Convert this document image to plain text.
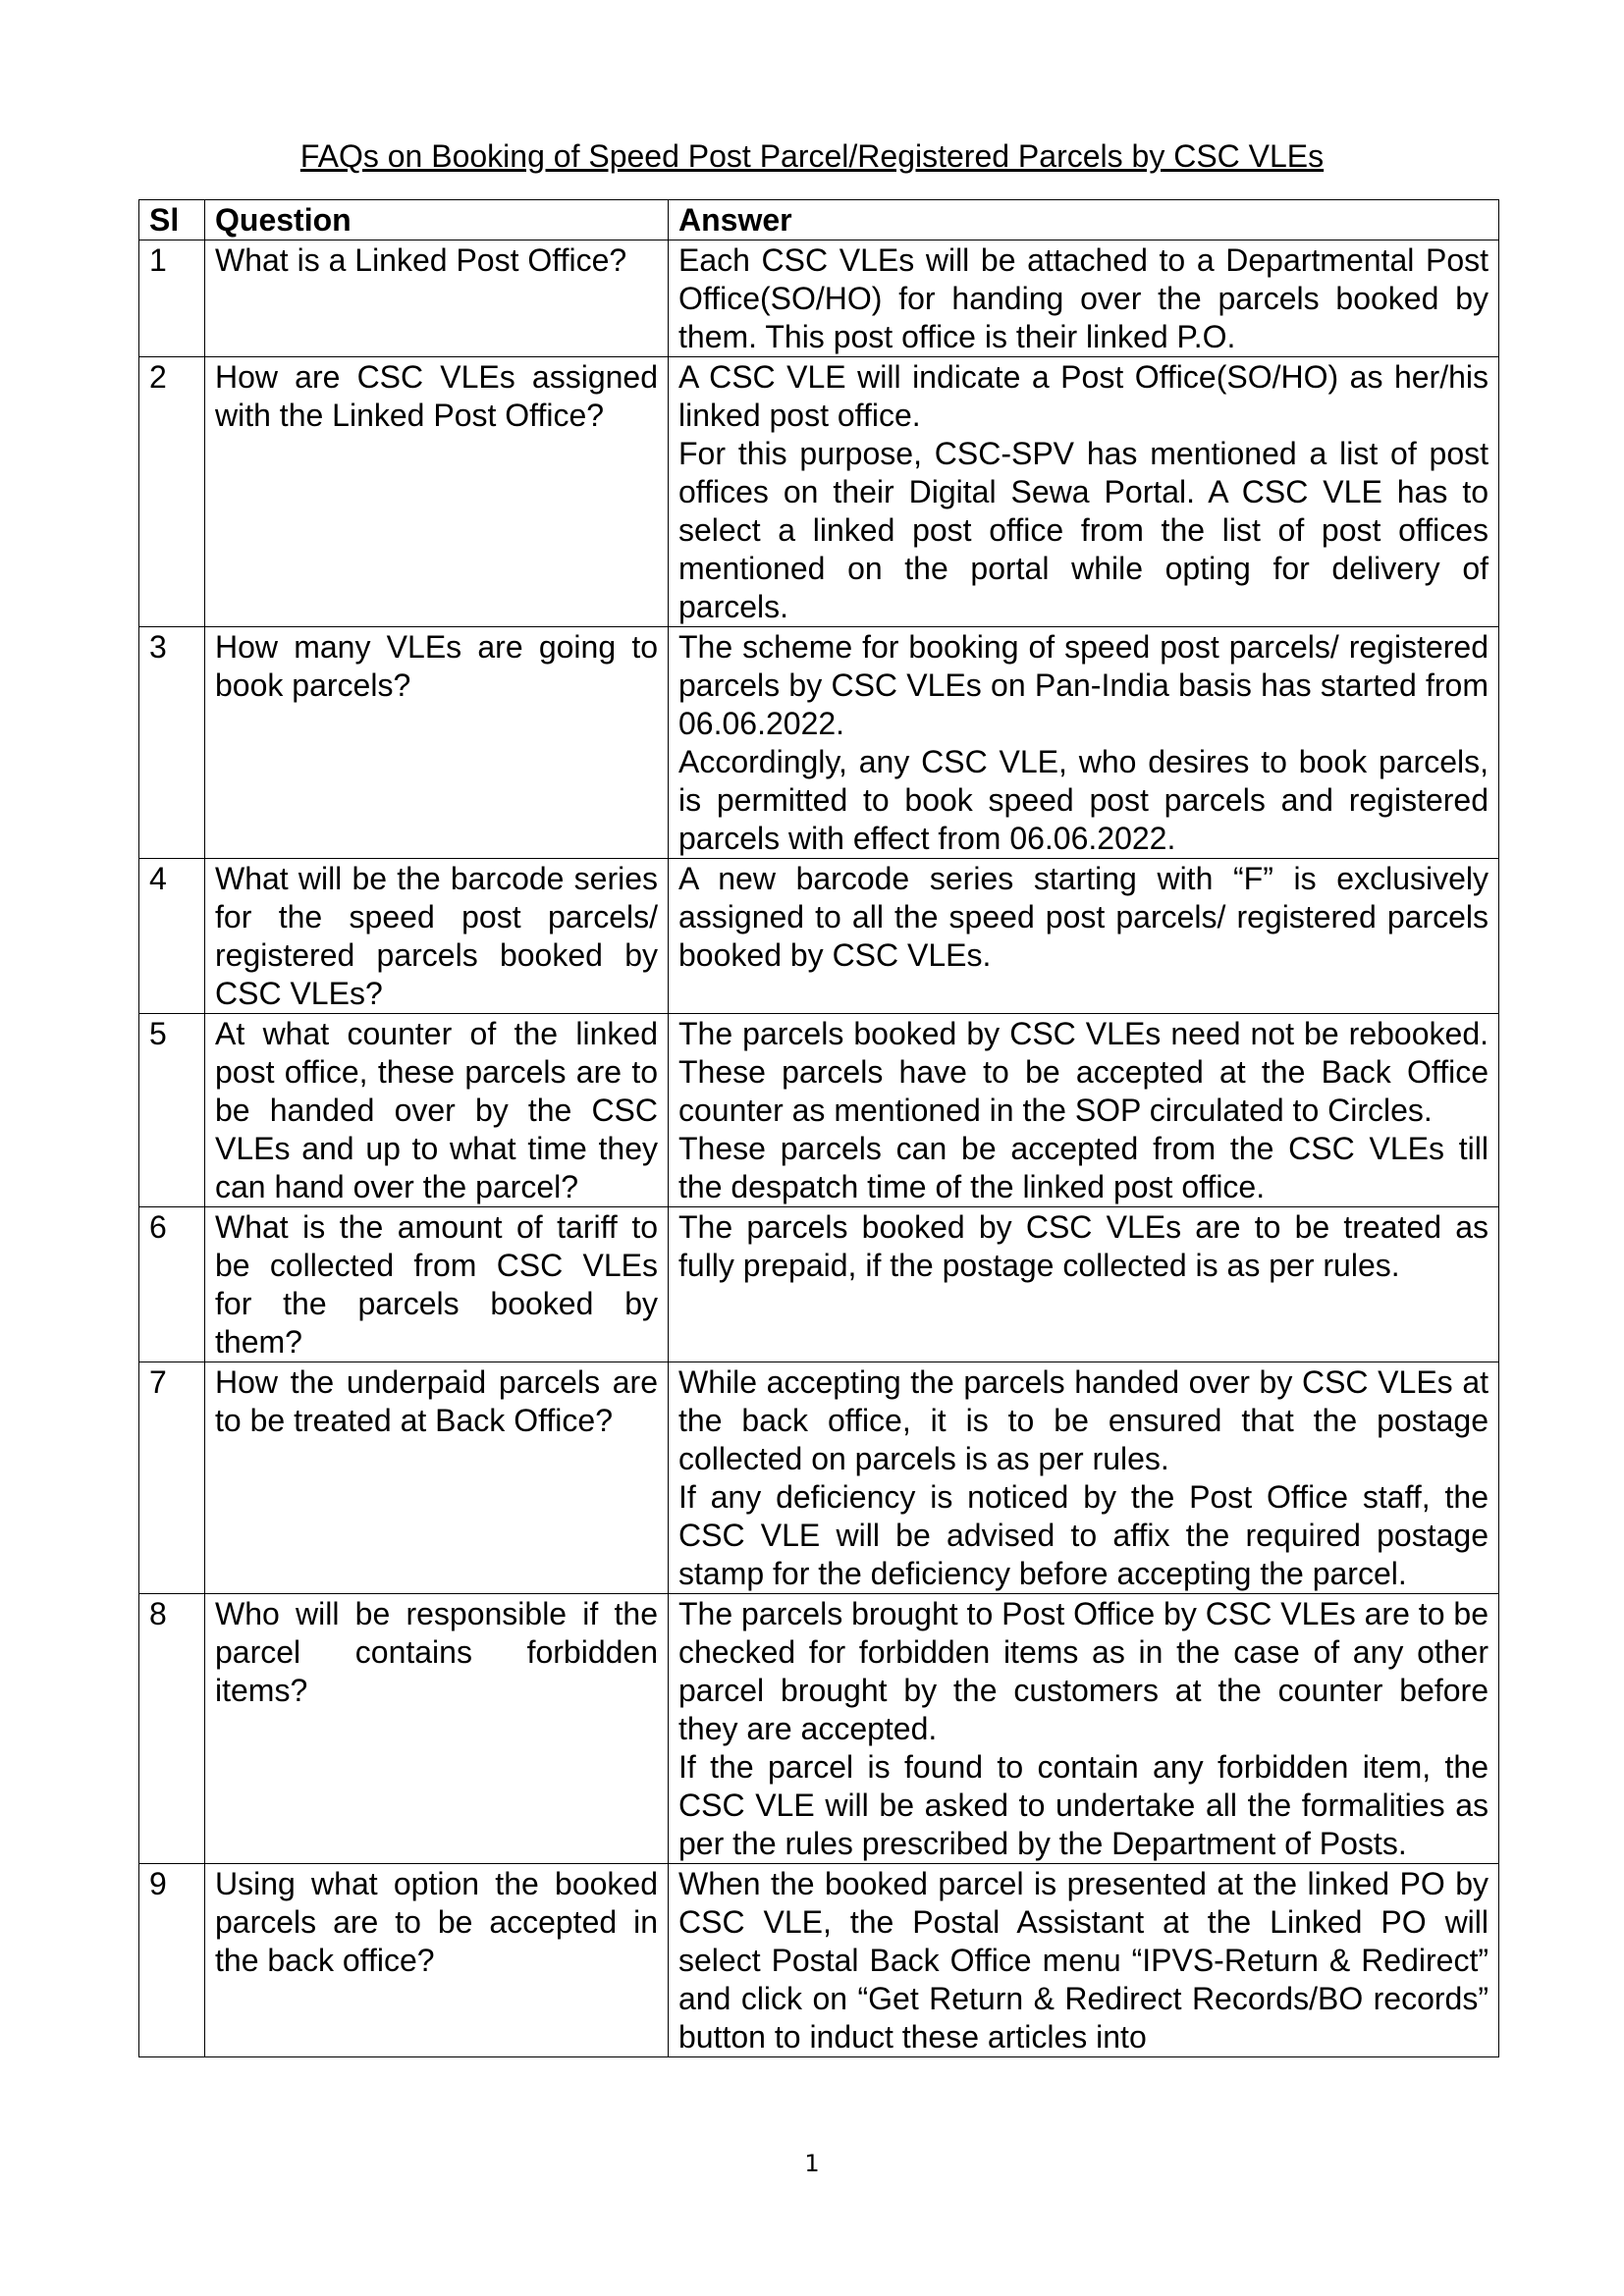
FAQs on Booking of Speed Post Parcel/Registered Parcels by CSC VLEs
Sl	Question	Answer
1	What is a Linked Post Office?	Each CSC VLEs will be attached to a Departmental Post Office(SO/HO) for handing over the parcels booked by them. This post office is their linked P.O.

2	How are CSC VLEs assigned with the Linked Post Office?	A CSC VLE will indicate a Post Office(SO/HO) as her/his linked post office.
For this purpose, CSC-SPV has mentioned a list of post offices on their Digital Sewa Portal. A CSC VLE has to select a linked post office from the list of post offices mentioned on the portal while opting for delivery of parcels.

3	How many VLEs are going to book parcels?	The scheme for booking of speed post parcels/ registered parcels by CSC VLEs on Pan-India basis has started from 06.06.2022.
Accordingly, any CSC VLE, who desires to book parcels, is permitted to book speed post parcels and registered parcels with effect from 06.06.2022.

4	What will be the barcode series for the speed post parcels/ registered parcels booked by CSC VLEs?	A new barcode series starting with “F” is exclusively assigned to all the speed post parcels/ registered parcels booked by CSC VLEs.

5	At what counter of the linked post office, these parcels are to be handed over by the CSC VLEs and up to what time they can hand over the parcel?	The parcels booked by CSC VLEs need not be rebooked. These parcels have to be accepted at the Back Office counter as mentioned in the SOP circulated to Circles.
These parcels can be accepted from the CSC VLEs till the despatch time of the linked post office.

6	What is the amount of tariff to be collected from CSC VLEs for the parcels booked by them?	The parcels booked by CSC VLEs are to be treated as fully prepaid, if the postage collected is as per rules.

7	How the underpaid parcels are to be treated at Back Office?	While accepting the parcels handed over by CSC VLEs at the back office, it is to be ensured that the postage collected on parcels is as per rules.
If any deficiency is noticed by the Post Office staff, the CSC VLE will be advised to affix the required postage stamp for the deficiency before accepting the parcel.

8	Who will be responsible if the parcel contains forbidden items?	The parcels brought to Post Office by CSC VLEs are to be checked for forbidden items as in the case of any other parcel brought by the customers at the counter before they are accepted.
If the parcel is found to contain any forbidden item, the CSC VLE will be asked to undertake all the formalities as per the rules prescribed by the Department of Posts.

9	Using what option the booked parcels are to be accepted in the back office?	When the booked parcel is presented at the linked PO by CSC VLE, the Postal Assistant at the Linked PO will select Postal Back Office menu “IPVS-Return & Redirect” and click on “Get Return & Redirect Records/BO records” button to induct these articles into
1
